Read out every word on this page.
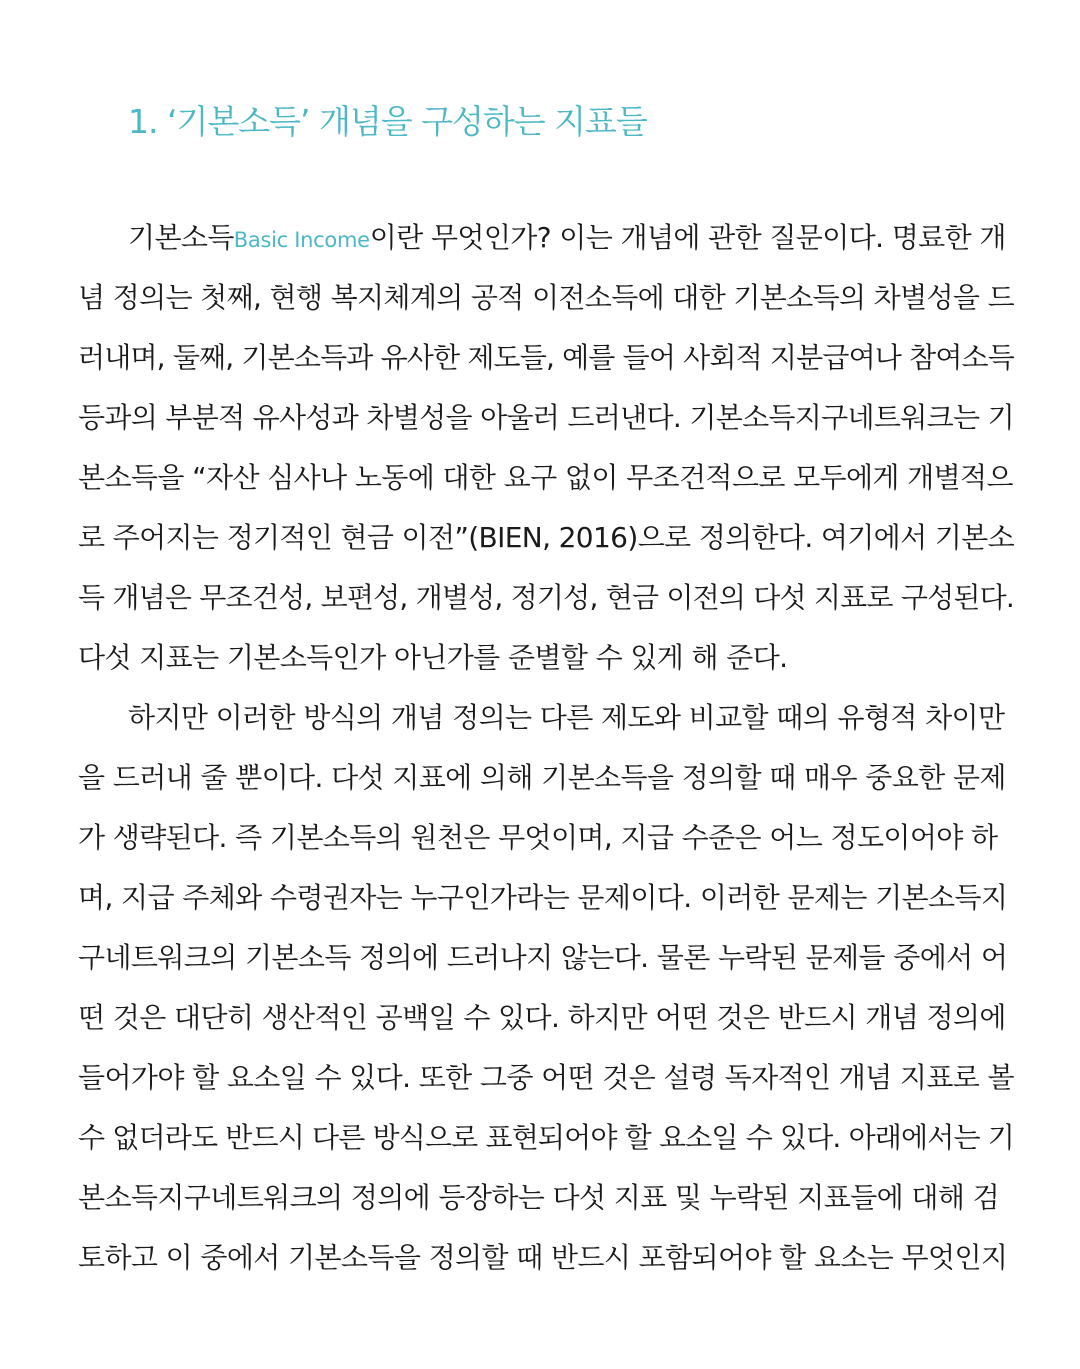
1. ‘기본소득’ 개념을 구성하는 지표들
기본소득Basic Income이란 무엇인가? 이는 개념에 관한 질문이다. 명료한 개
념 정의는 첫째, 현행 복지체계의 공적 이전소득에 대한 기본소득의 차별성을 드
러내며, 둘째, 기본소득과 유사한 제도들, 예를 들어 사회적 지분급여나 참여소득
등과의 부분적 유사성과 차별성을 아울러 드러낸다. 기본소득지구네트워크는 기
본소득을 “자산 심사나 노동에 대한 요구 없이 무조건적으로 모두에게 개별적으
로 주어지는 정기적인 현금 이전”(BIEN, 2016)으로 정의한다. 여기에서 기본소
득 개념은 무조건성, 보편성, 개별성, 정기성, 현금 이전의 다섯 지표로 구성된다.
다섯 지표는 기본소득인가 아닌가를 준별할 수 있게 해 준다.
하지만 이러한 방식의 개념 정의는 다른 제도와 비교할 때의 유형적 차이만
을 드러내 줄 뿐이다. 다섯 지표에 의해 기본소득을 정의할 때 매우 중요한 문제
가 생략된다. 즉 기본소득의 원천은 무엇이며, 지급 수준은 어느 정도이어야 하
며, 지급 주체와 수령권자는 누구인가라는 문제이다. 이러한 문제는 기본소득지
구네트워크의 기본소득 정의에 드러나지 않는다. 물론 누락된 문제들 중에서 어
떤 것은 대단히 생산적인 공백일 수 있다. 하지만 어떤 것은 반드시 개념 정의에
들어가야 할 요소일 수 있다. 또한 그중 어떤 것은 설령 독자적인 개념 지표로 볼
수 없더라도 반드시 다른 방식으로 표현되어야 할 요소일 수 있다. 아래에서는 기
본소득지구네트워크의 정의에 등장하는 다섯 지표 및 누락된 지표들에 대해 검
토하고 이 중에서 기본소득을 정의할 때 반드시 포함되어야 할 요소는 무엇인지
